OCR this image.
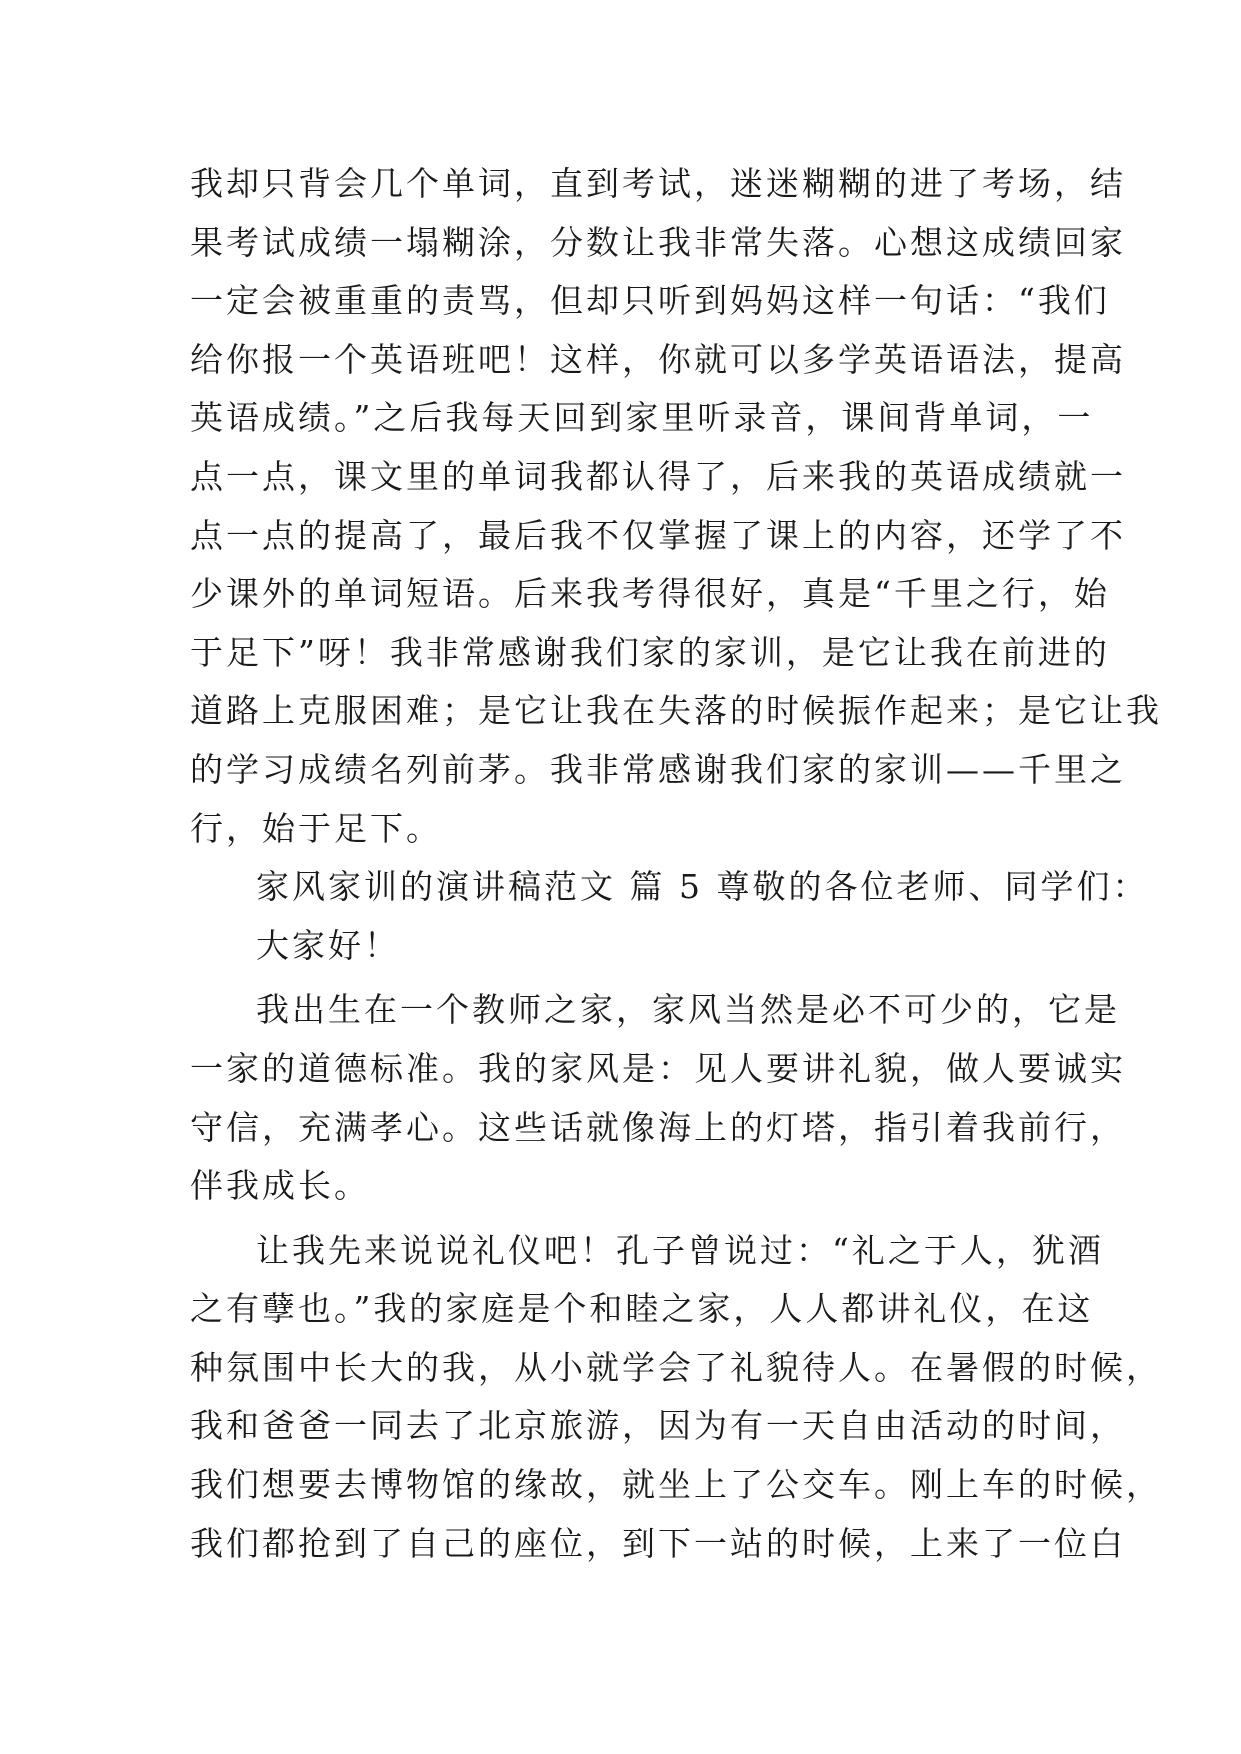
我却只背会几个单词，直到考试，迷迷糊糊的进了考场，结
果考试成绩一塌糊涂，分数让我非常失落。心想这成绩回家
一定会被重重的责骂，但却只听到妈妈这样一句话：“我们
给你报一个英语班吧！这样，你就可以多学英语语法，提高
英语成绩。”之后我每天回到家里听录音，课间背单词，一
点一点，课文里的单词我都认得了，后来我的英语成绩就一
点一点的提高了，最后我不仅掌握了课上的内容，还学了不
少课外的单词短语。后来我考得很好，真是“千里之行，始
于足下”呀！我非常感谢我们家的家训，是它让我在前进的
道路上克服困难；是它让我在失落的时候振作起来；是它让我
的学习成绩名列前茅。我非常感谢我们家的家训——千里之
行，始于足下。
家风家训的演讲稿范文 篇 5 尊敬的各位老师、同学们：
大家好！
我出生在一个教师之家，家风当然是必不可少的，它是
一家的道德标准。我的家风是：见人要讲礼貌，做人要诚实
守信，充满孝心。这些话就像海上的灯塔，指引着我前行，
伴我成长。
让我先来说说礼仪吧！孔子曾说过：“礼之于人，犹酒
之有孽也。”我的家庭是个和睦之家，人人都讲礼仪，在这
种氛围中长大的我，从小就学会了礼貌待人。在暑假的时候，
我和爸爸一同去了北京旅游，因为有一天自由活动的时间，
我们想要去博物馆的缘故，就坐上了公交车。刚上车的时候，
我们都抢到了自己的座位，到下一站的时候，上来了一位白
